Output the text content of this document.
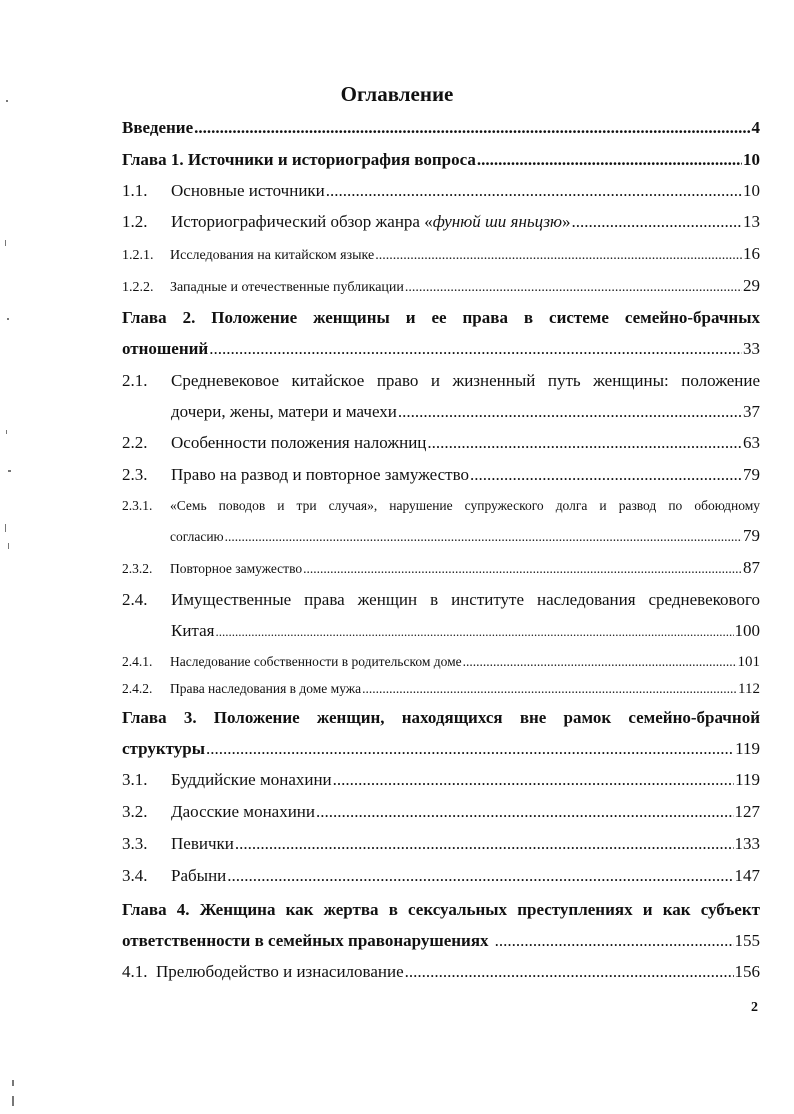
Оглавление
Введение .....	4
Глава 1. Источники и историография вопроса .....	10
1.1.	Основные источники .....	10
1.2.	Историографический обзор жанра «фунюй ши яньцзю» .....	13
1.2.1.	Исследования на китайском языке .....	16
1.2.2.	Западные и отечественные публикации .....	29
Глава 2. Положение женщины и ее права в системе семейно-брачных
отношений .....	33
2.1.	Средневековое китайское право и жизненный путь женщины: положение
дочери, жены, матери и мачехи .....	37
2.2.	Особенности положения наложниц .....	63
2.3.	Право на развод и повторное замужество .....	79
2.3.1.	«Семь поводов и три случая», нарушение супружеского долга и развод по обоюдному
согласию .....	79
2.3.2.	Повторное замужество .....	87
2.4.	Имущественные права женщин в институте наследования средневекового
Китая .....	100
2.4.1.	Наследование собственности в родительском доме .....	101
2.4.2.	Права наследования в доме мужа .....	112
Глава 3. Положение женщин, находящихся вне рамок семейно-брачной
структуры .....	119
3.1.	Буддийские монахини .....	119
3.2.	Даосские монахини .....	127
3.3.	Певички .....	133
3.4.	Рабыни .....	147
Глава 4. Женщина как жертва в сексуальных преступлениях и как субъект
ответственности в семейных правонарушениях .....	155
4.1. Прелюбодейство и изнасилование .....	156
2
